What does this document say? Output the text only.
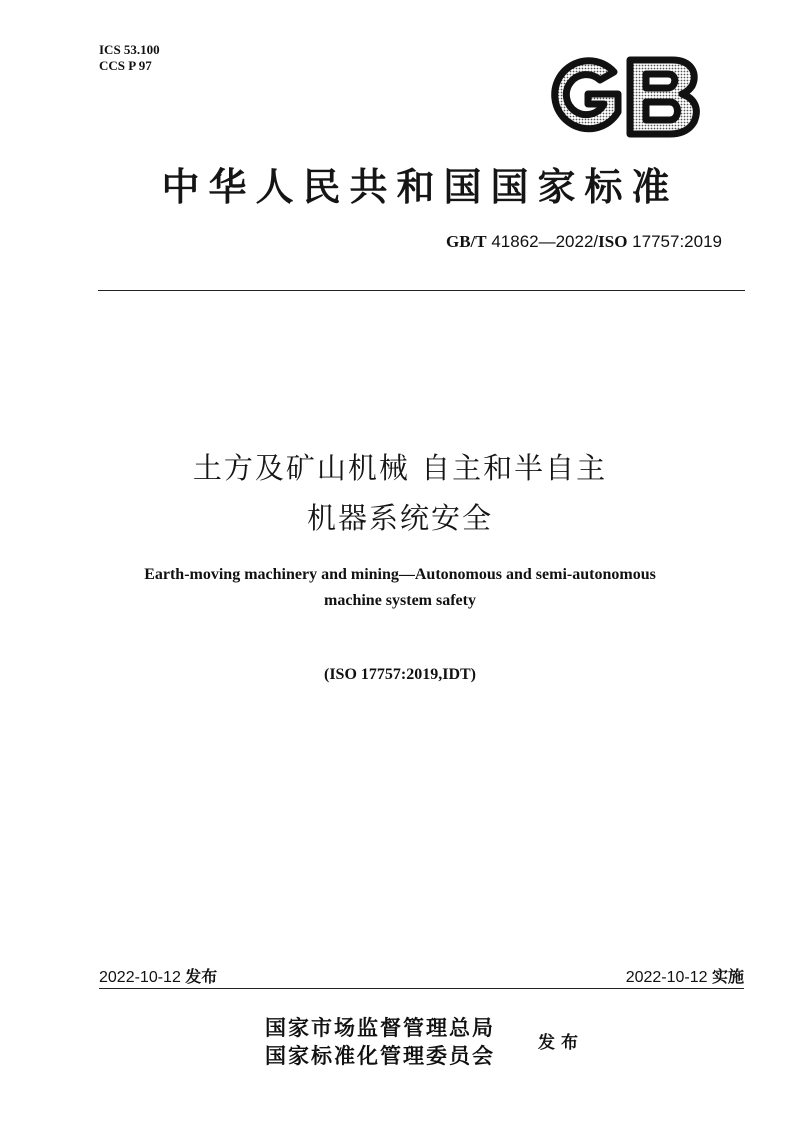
ICS 53.100
CCS P 97
中华人民共和国国家标准
GB/T 41862—2022/ISO 17757:2019
土方及矿山机械 自主和半自主
机器系统安全
Earth-moving machinery and mining—Autonomous and semi-autonomous
machine system safety
(ISO 17757:2019,IDT)
2022-10-12 发布	2022-10-12 实施
国家市场监督管理总局
国家标准化管理委员会	发布
